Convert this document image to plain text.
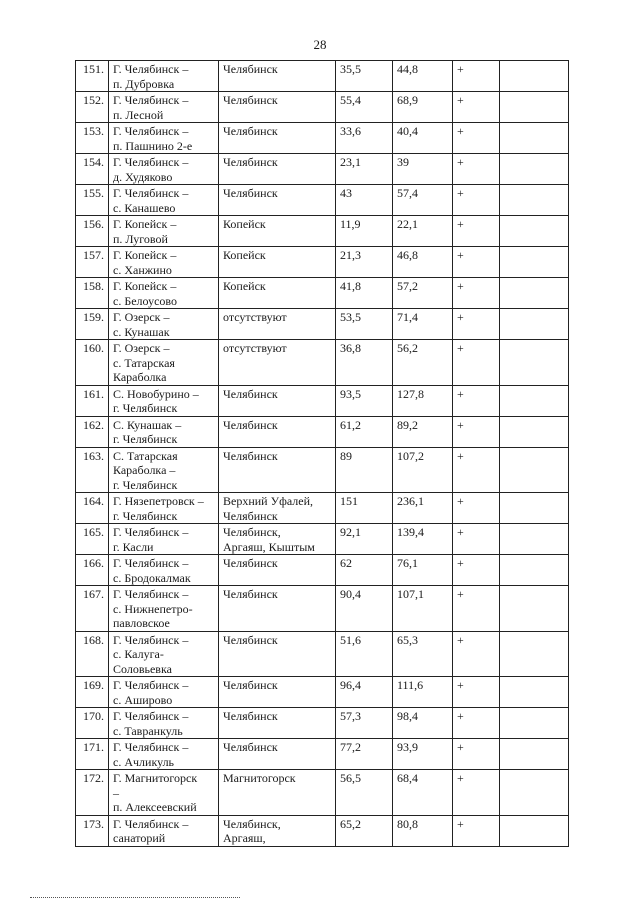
28
151.	Г. Челябинск –
п. Дубровка	Челябинск	35,5	44,8	+	
152.	Г. Челябинск –
п. Лесной	Челябинск	55,4	68,9	+	
153.	Г. Челябинск –
п. Пашнино 2-е	Челябинск	33,6	40,4	+	
154.	Г. Челябинск –
д. Худяково	Челябинск	23,1	39	+	
155.	Г. Челябинск –
с. Канашево	Челябинск	43	57,4	+	
156.	Г. Копейск –
п. Луговой	Копейск	11,9	22,1	+	
157.	Г. Копейск –
с. Ханжино	Копейск	21,3	46,8	+	
158.	Г. Копейск –
с. Белоусово	Копейск	41,8	57,2	+	
159.	Г. Озерск –
с. Кунашак	отсутствуют	53,5	71,4	+	
160.	Г. Озерск –
с. Татарская
Караболка	отсутствуют	36,8	56,2	+	
161.	С. Новобурино –
г. Челябинск	Челябинск	93,5	127,8	+	
162.	С. Кунашак –
г. Челябинск	Челябинск	61,2	89,2	+	
163.	С. Татарская
Караболка –
г. Челябинск	Челябинск	89	107,2	+	
164.	Г. Нязепетровск –
г. Челябинск	Верхний Уфалей,
Челябинск	151	236,1	+	
165.	Г. Челябинск –
г. Касли	Челябинск,
Аргаяш, Кыштым	92,1	139,4	+	
166.	Г. Челябинск –
с. Бродокалмак	Челябинск	62	76,1	+	
167.	Г. Челябинск –
с. Нижнепетро-
павловское	Челябинск	90,4	107,1	+	
168.	Г. Челябинск –
с. Калуга-
Соловьевка	Челябинск	51,6	65,3	+	
169.	Г. Челябинск –
с. Аширово	Челябинск	96,4	111,6	+	
170.	Г. Челябинск –
с. Тавранкуль	Челябинск	57,3	98,4	+	
171.	Г. Челябинск –
с. Ачликуль	Челябинск	77,2	93,9	+	
172.	Г. Магнитогорск
–
п. Алексеевский	Магнитогорск	56,5	68,4	+	
173.	Г. Челябинск –
санаторий	Челябинск,
Аргаяш,	65,2	80,8	+	
